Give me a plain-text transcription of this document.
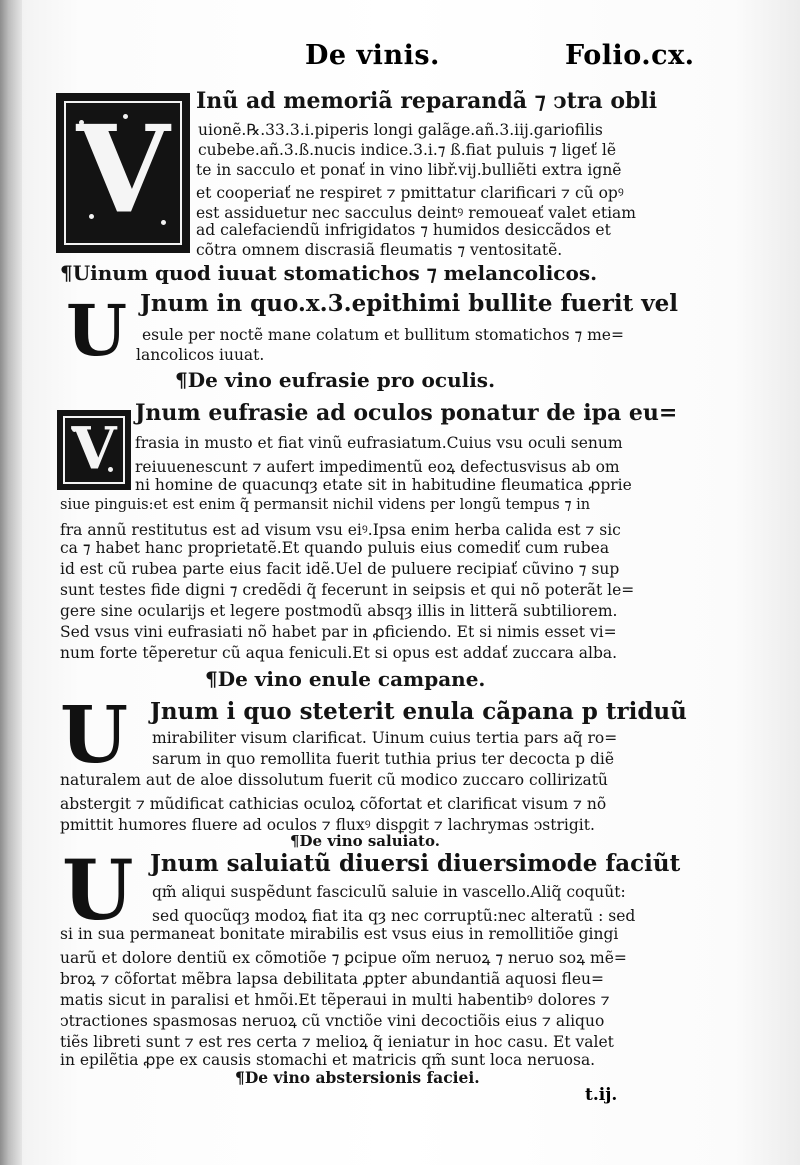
De vinis.	Folio.cx.
V
U
V
U
U
Inũ ad memoriã reparandã ⁊ ↄtra obli
uionẽ.℞.33.3.i.piperis longi galãge.añ.3.iij.gariofilis
cubebe.añ.3.ß.nucis indice.3.i.⁊ ß.fiat puluis ⁊ ligeť lẽ
te in sacculo et ponať in vino libř.vij.bulliẽti extra ignẽ
et cooperiať ne respiret ⁊ pmittatur clarificari ⁊ cũ opꝰ
est assiduetur nec sacculus deintꝰ remoueať valet etiam
ad calefaciendũ infrigidatos ⁊ humidos desiccãdos et
cõtra omnem discrasiã fleumatis ⁊ ventositatẽ.
¶Uinum quod iuuat stomatichos ⁊ melancolicos.
Jnum in quo.x.3.epithimi bullite fuerit vel
esule per noctẽ mane colatum et bullitum stomatichos ⁊ me=
lancolicos iuuat.
¶De vino eufrasie pro oculis.
Jnum eufrasie ad oculos ponatur de ipa eu=
frasia in musto et fiat vinũ eufrasiatum.Cuius vsu oculi senum
reiuuenescunt ⁊ aufert impedimentũ eoꝝ defectusvisus ab om
ni homine de quacunqȝ etate sit in habitudine fleumatica ꝓprie
siue pinguis:et est enim q̃ permansit nichil videns per longũ tempus ⁊ in
fra annũ restitutus est ad visum vsu eiꝰ.Ipsa enim herba calida est ⁊ sic
ca ⁊ habet hanc proprietatẽ.Et quando puluis eius comediť cum rubea
id est cũ rubea parte eius facit idẽ.Uel de puluere recipiať cũvino ⁊ sup
sunt testes fide digni ⁊ credẽdi q̃ fecerunt in seipsis et qui nõ poterãt le=
gere sine ocularijs et legere postmodũ absqȝ illis in litterã subtiliorem.
Sed vsus vini eufrasiati nõ habet par in ꝓficiendo. Et si nimis esset vi=
num forte tẽperetur cũ aqua feniculi.Et si opus est addať zuccara alba.
¶De vino enule campane.
Jnum i quo steterit enula cãpana p triduũ
mirabiliter visum clarificat. Uinum cuius tertia pars aq̃ ro=
sarum in quo remollita fuerit tuthia prius ter decocta p diẽ
naturalem aut de aloe dissolutum fuerit cũ modico zuccaro collirizatũ
abstergit ⁊ mũdificat cathicias oculoꝝ cõfortat et clarificat visum ⁊ nõ
pmittit humores fluere ad oculos ⁊ fluxꝰ disꝑgit ⁊ lachrymas ↄstrigit.
¶De vino saluiato.
Jnum saluiatũ diuersi diuersimode faciũt
qm̃ aliqui suspẽdunt fasciculũ saluie in vascello.Aliq̃ coquũt:
sed quocũqȝ modoꝝ fiat ita qȝ nec corruptũ:nec alteratũ : sed
si in sua permaneat bonitate mirabilis est vsus eius in remollitiõe gingi
uarũ et dolore dentiũ ex cõmotiõe ⁊ ꝑcipue oĩm neruoꝝ ⁊ neruo soꝝ mẽ=
broꝝ ⁊ cõfortat mẽbra lapsa debilitata ꝓpter abundantiã aquosi fleu=
matis sicut in paralisi et hmõi.Et tẽperaui in multi habentibꝰ dolores ⁊
ↄtractiones spasmosas neruoꝝ cũ vnctiõe vini decoctiõis eius ⁊ aliquo
tiẽs libreti sunt ⁊ est res certa ⁊ melioꝝ q̃ ieniatur in hoc casu. Et valet
in epilẽtia ꝓpe ex causis stomachi et matricis qm̃ sunt loca neruosa.
¶De vino abstersionis faciei.
t.ij.
